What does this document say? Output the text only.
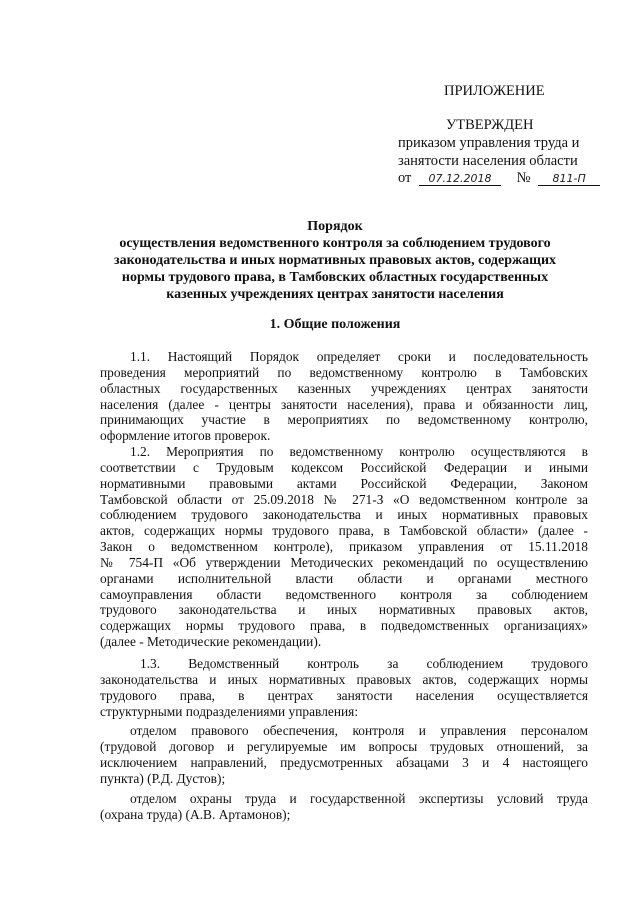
ПРИЛОЖЕНИЕ
УТВЕРЖДЕН
приказом управления труда и
занятости населения области
от 07.12.2018 № 811-П
Порядок
осуществления ведомственного контроля за соблюдением трудового
законодательства и иных нормативных правовых актов, содержащих
нормы трудового права, в Тамбовских областных государственных
казенных учреждениях центрах занятости населения
1. Общие положения
1.1. Настоящий Порядок определяет сроки и последовательность
проведения мероприятий по ведомственному контролю в Тамбовских
областных государственных казенных учреждениях центрах занятости
населения (далее - центры занятости населения), права и обязанности лиц,
принимающих участие в мероприятиях по ведомственному контролю,
оформление итогов проверок.
1.2. Мероприятия по ведомственному контролю осуществляются в
соответствии с Трудовым кодексом Российской Федерации и иными
нормативными правовыми актами Российской Федерации, Законом
Тамбовской области от 25.09.2018 № 271-З «О ведомственном контроле за
соблюдением трудового законодательства и иных нормативных правовых
актов, содержащих нормы трудового права, в Тамбовской области» (далее -
Закон о ведомственном контроле), приказом управления от 15.11.2018
№ 754-П «Об утверждении Методических рекомендаций по осуществлению
органами исполнительной власти области и органами местного
самоуправления области ведомственного контроля за соблюдением
трудового законодательства и иных нормативных правовых актов,
содержащих нормы трудового права, в подведомственных организациях»
(далее - Методические рекомендации).
1.3. Ведомственный контроль за соблюдением трудового
законодательства и иных нормативных правовых актов, содержащих нормы
трудового права, в центрах занятости населения осуществляется
структурными подразделениями управления:
отделом правового обеспечения, контроля и управления персоналом
(трудовой договор и регулируемые им вопросы трудовых отношений, за
исключением направлений, предусмотренных абзацами 3 и 4 настоящего
пункта) (Р.Д. Дустов);
отделом охраны труда и государственной экспертизы условий труда
(охрана труда) (А.В. Артамонов);
